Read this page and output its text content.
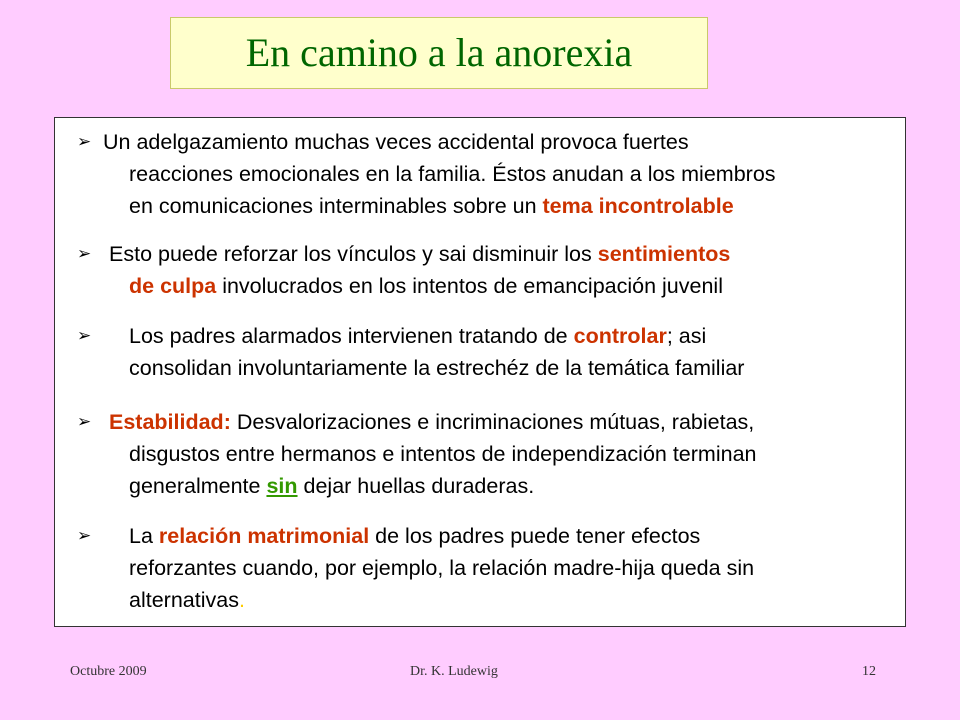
En camino a la anorexia
➢ Un adelgazamiento muchas veces accidental provoca fuertes
reacciones emocionales en la familia. Éstos anudan a los miembros
en comunicaciones interminables sobre un tema incontrolable
➢ Esto puede reforzar los vínculos y sai disminuir los sentimientos
de culpa involucrados en los intentos de emancipación juvenil
➢	Los padres alarmados intervienen tratando de controlar; asi
consolidan involuntariamente la estrechéz de la temática familiar
➢ Estabilidad: Desvalorizaciones e incriminaciones mútuas, rabietas,
disgustos entre hermanos e intentos de independización terminan
generalmente sin dejar huellas duraderas.
➢	La relación matrimonial de los padres puede tener efectos
reforzantes cuando, por ejemplo, la relación madre-hija queda sin
alternativas.
Octubre 2009	Dr. K. Ludewig	12
